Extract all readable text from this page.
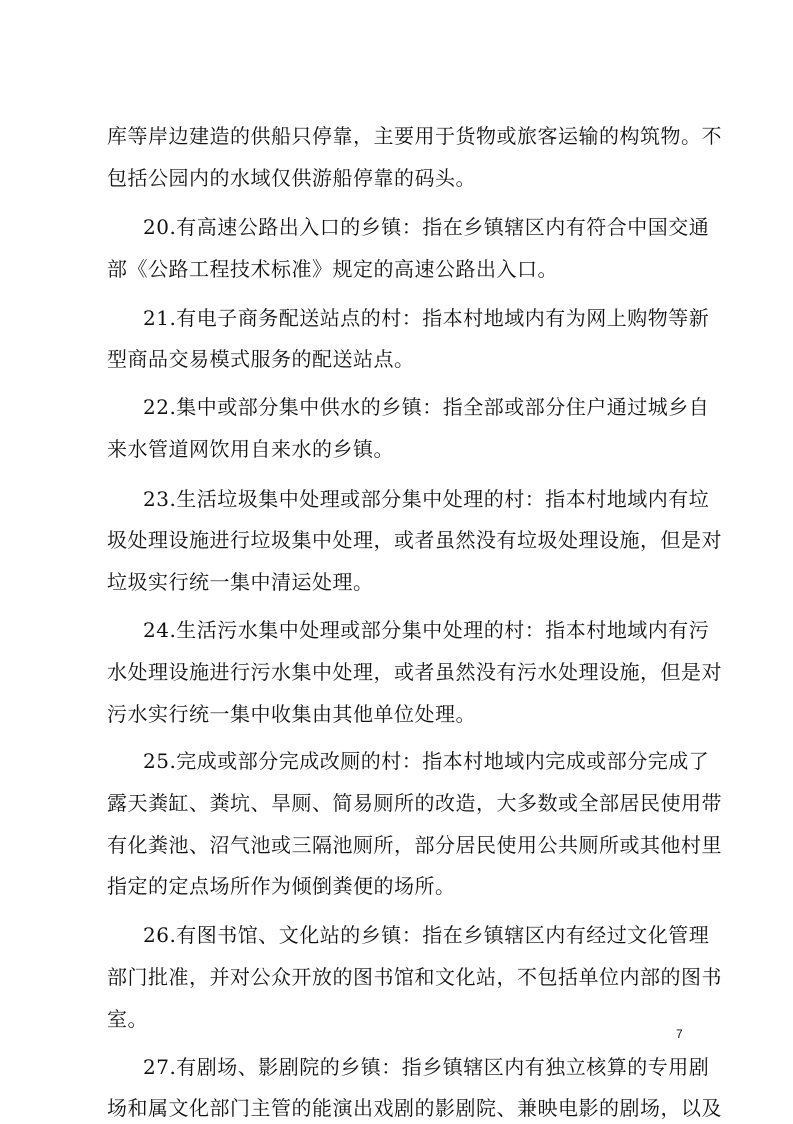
库等岸边建造的供船只停靠，主要用于货物或旅客运输的构筑物。不
包括公园内的水域仅供游船停靠的码头。
20.有高速公路出入口的乡镇：指在乡镇辖区内有符合中国交通
部《公路工程技术标准》规定的高速公路出入口。
21.有电子商务配送站点的村：指本村地域内有为网上购物等新
型商品交易模式服务的配送站点。
22.集中或部分集中供水的乡镇：指全部或部分住户通过城乡自
来水管道网饮用自来水的乡镇。
23.生活垃圾集中处理或部分集中处理的村：指本村地域内有垃
圾处理设施进行垃圾集中处理，或者虽然没有垃圾处理设施，但是对
垃圾实行统一集中清运处理。
24.生活污水集中处理或部分集中处理的村：指本村地域内有污
水处理设施进行污水集中处理，或者虽然没有污水处理设施，但是对
污水实行统一集中收集由其他单位处理。
25.完成或部分完成改厕的村：指本村地域内完成或部分完成了
露天粪缸、粪坑、旱厕、简易厕所的改造，大多数或全部居民使用带
有化粪池、沼气池或三隔池厕所，部分居民使用公共厕所或其他村里
指定的定点场所作为倾倒粪便的场所。
26.有图书馆、文化站的乡镇：指在乡镇辖区内有经过文化管理
部门批准，并对公众开放的图书馆和文化站，不包括单位内部的图书
室。
27.有剧场、影剧院的乡镇：指乡镇辖区内有独立核算的专用剧
场和属文化部门主管的能演出戏剧的影剧院、兼映电影的剧场，以及
7
